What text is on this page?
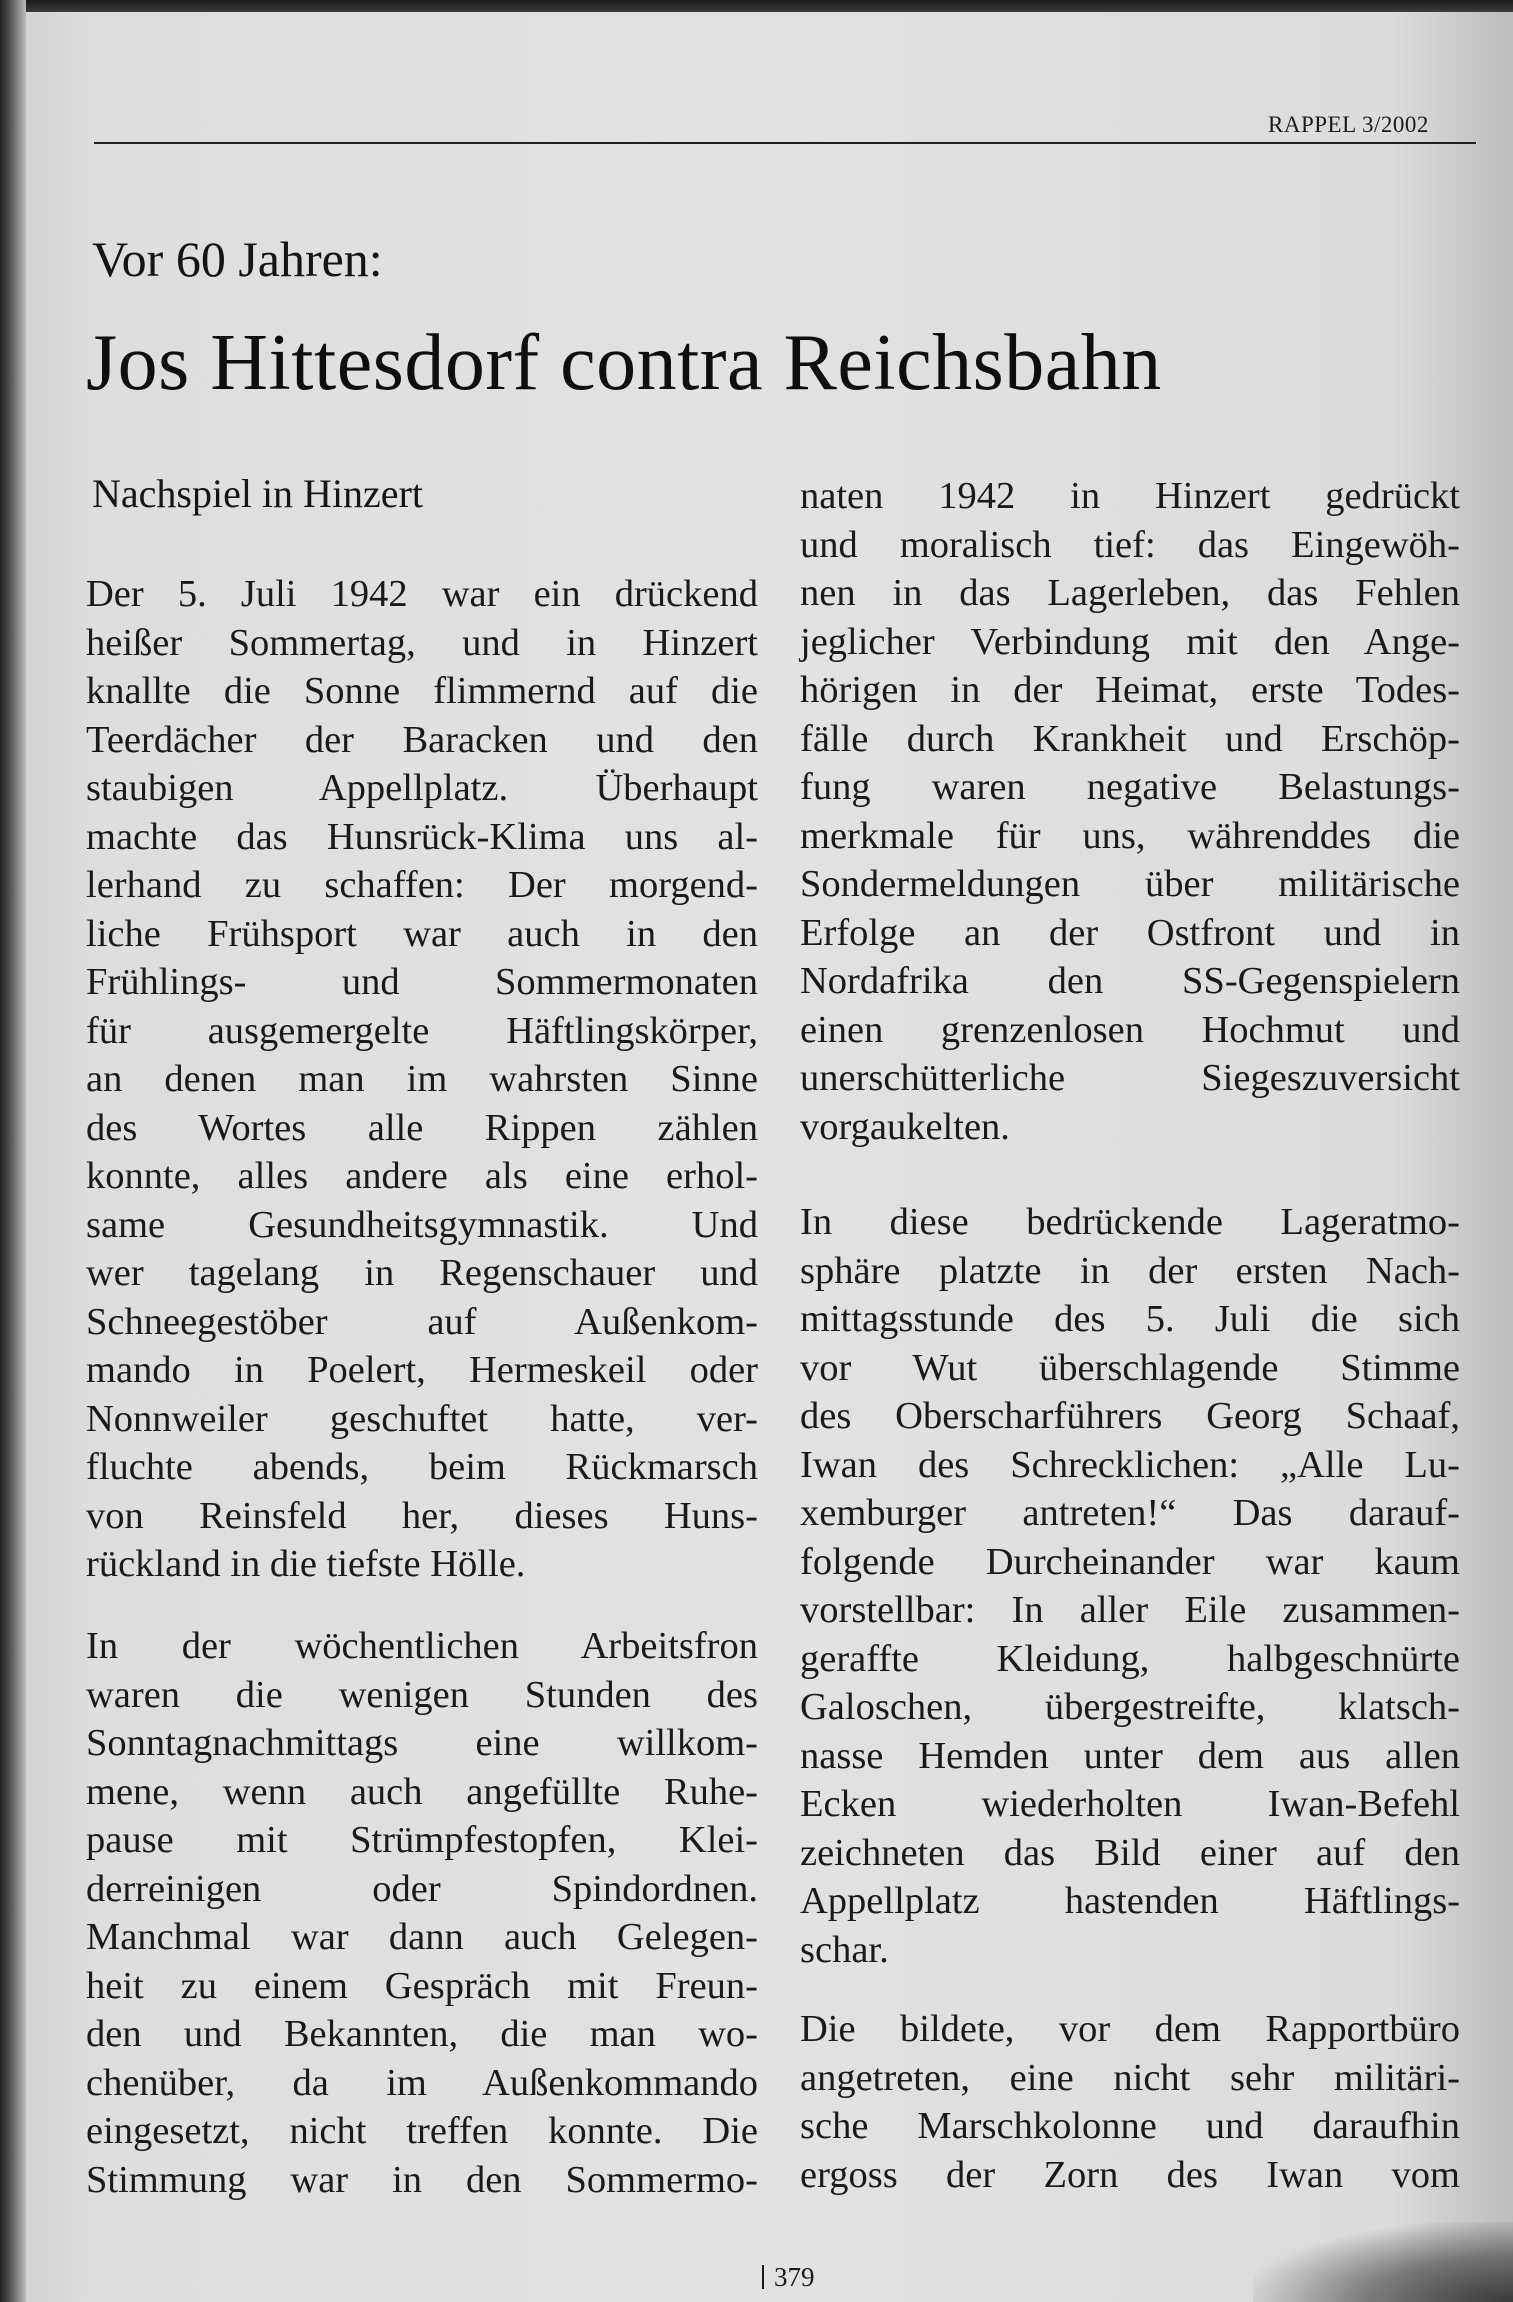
RAPPEL 3/2002
Vor 60 Jahren:
Jos Hittesdorf contra Reichsbahn
Nachspiel in Hinzert
Der 5. Juli 1942 war ein drückend
heißer Sommertag, und in Hinzert
knallte die Sonne flimmernd auf die
Teerdächer der Baracken und den
staubigen Appellplatz. Überhaupt
machte das Hunsrück-Klima uns al-
lerhand zu schaffen: Der morgend-
liche Frühsport war auch in den
Frühlings- und Sommermonaten
für ausgemergelte Häftlingskörper,
an denen man im wahrsten Sinne
des Wortes alle Rippen zählen
konnte, alles andere als eine erhol-
same Gesundheitsgymnastik. Und
wer tagelang in Regenschauer und
Schneegestöber auf Außenkom-
mando in Poelert, Hermeskeil oder
Nonnweiler geschuftet hatte, ver-
fluchte abends, beim Rückmarsch
von Reinsfeld her, dieses Huns-
rückland in die tiefste Hölle.
In der wöchentlichen Arbeitsfron
waren die wenigen Stunden des
Sonntagnachmittags eine willkom-
mene, wenn auch angefüllte Ruhe-
pause mit Strümpfestopfen, Klei-
derreinigen oder Spindordnen.
Manchmal war dann auch Gelegen-
heit zu einem Gespräch mit Freun-
den und Bekannten, die man wo-
chenüber, da im Außenkommando
eingesetzt, nicht treffen konnte. Die
Stimmung war in den Sommermo-
naten 1942 in Hinzert gedrückt
und moralisch tief: das Eingewöh-
nen in das Lagerleben, das Fehlen
jeglicher Verbindung mit den Ange-
hörigen in der Heimat, erste Todes-
fälle durch Krankheit und Erschöp-
fung waren negative Belastungs-
merkmale für uns, währenddes die
Sondermeldungen über militärische
Erfolge an der Ostfront und in
Nordafrika den SS-Gegenspielern
einen grenzenlosen Hochmut und
unerschütterliche Siegeszuversicht
vorgaukelten.
In diese bedrückende Lageratmo-
sphäre platzte in der ersten Nach-
mittagsstunde des 5. Juli die sich
vor Wut überschlagende Stimme
des Oberscharführers Georg Schaaf,
Iwan des Schrecklichen: „Alle Lu-
xemburger antreten!“ Das darauf-
folgende Durcheinander war kaum
vorstellbar: In aller Eile zusammen-
geraffte Kleidung, halbgeschnürte
Galoschen, übergestreifte, klatsch-
nasse Hemden unter dem aus allen
Ecken wiederholten Iwan-Befehl
zeichneten das Bild einer auf den
Appellplatz hastenden Häftlings-
schar.
Die bildete, vor dem Rapportbüro
angetreten, eine nicht sehr militäri-
sche Marschkolonne und daraufhin
ergoss der Zorn des Iwan vom
379
